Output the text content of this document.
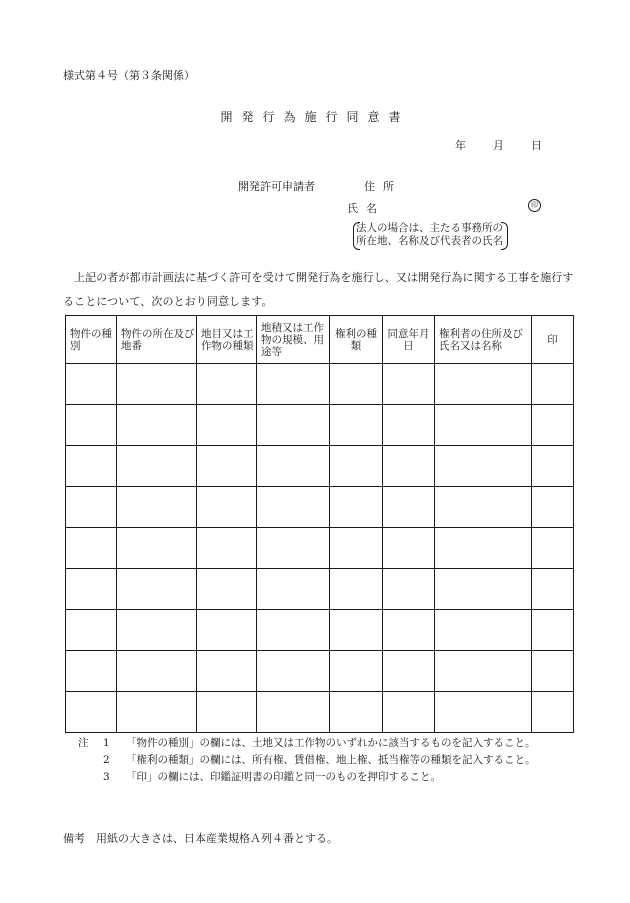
様式第４号（第３条関係）
開発行為施行同意書
年	月	日
開発許可申請者	住所
氏名	印
法人の場合は、主たる事務所の
所在地、名称及び代表者の氏名
上記の者が都市計画法に基づく許可を受けて開発行為を施行し、又は開発行為に関する工事を施行することについて、次のとおり同意します。
物件の種別	物件の所在及び地番	地目又は工作物の種類	地積又は工作物の規模、用途等	権利の種類	同意年月日	権利者の住所及び氏名又は名称	印

注	1	「物件の種別」の欄には、土地又は工作物のいずれかに該当するものを記入すること。
2	「権利の種類」の欄には、所有権、賃借権、地上権、抵当権等の種類を記入すること。
3	「印」の欄には、印鑑証明書の印鑑と同一のものを押印すること。
備考　用紙の大きさは、日本産業規格Ａ列４番とする。
